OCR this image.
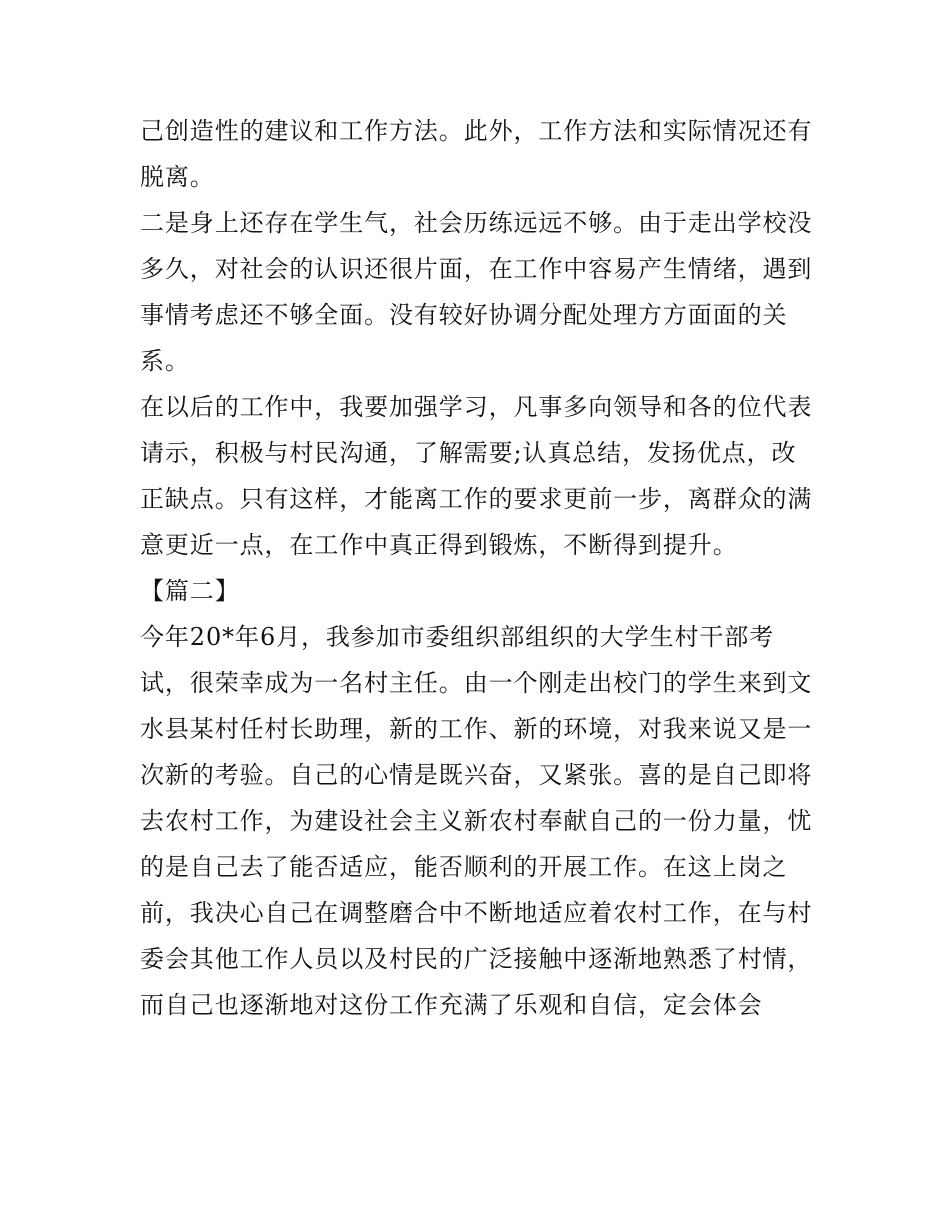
己创造性的建议和工作方法。此外，工作方法和实际情况还有
脱离。
二是身上还存在学生气，社会历练远远不够。由于走出学校没
多久，对社会的认识还很片面，在工作中容易产生情绪，遇到
事情考虑还不够全面。没有较好协调分配处理方方面面的关
系。
在以后的工作中，我要加强学习，凡事多向领导和各的位代表
请示，积极与村民沟通，了解需要;认真总结，发扬优点，改
正缺点。只有这样，才能离工作的要求更前一步，离群众的满
意更近一点，在工作中真正得到锻炼，不断得到提升。
【篇二】
今年20*年6月，我参加市委组织部组织的大学生村干部考
试，很荣幸成为一名村主任。由一个刚走出校门的学生来到文
水县某村任村长助理，新的工作、新的环境，对我来说又是一
次新的考验。自己的心情是既兴奋，又紧张。喜的是自己即将
去农村工作，为建设社会主义新农村奉献自己的一份力量，忧
的是自己去了能否适应，能否顺利的开展工作。在这上岗之
前，我决心自己在调整磨合中不断地适应着农村工作，在与村
委会其他工作人员以及村民的广泛接触中逐渐地熟悉了村情，
而自己也逐渐地对这份工作充满了乐观和自信，定会体会
